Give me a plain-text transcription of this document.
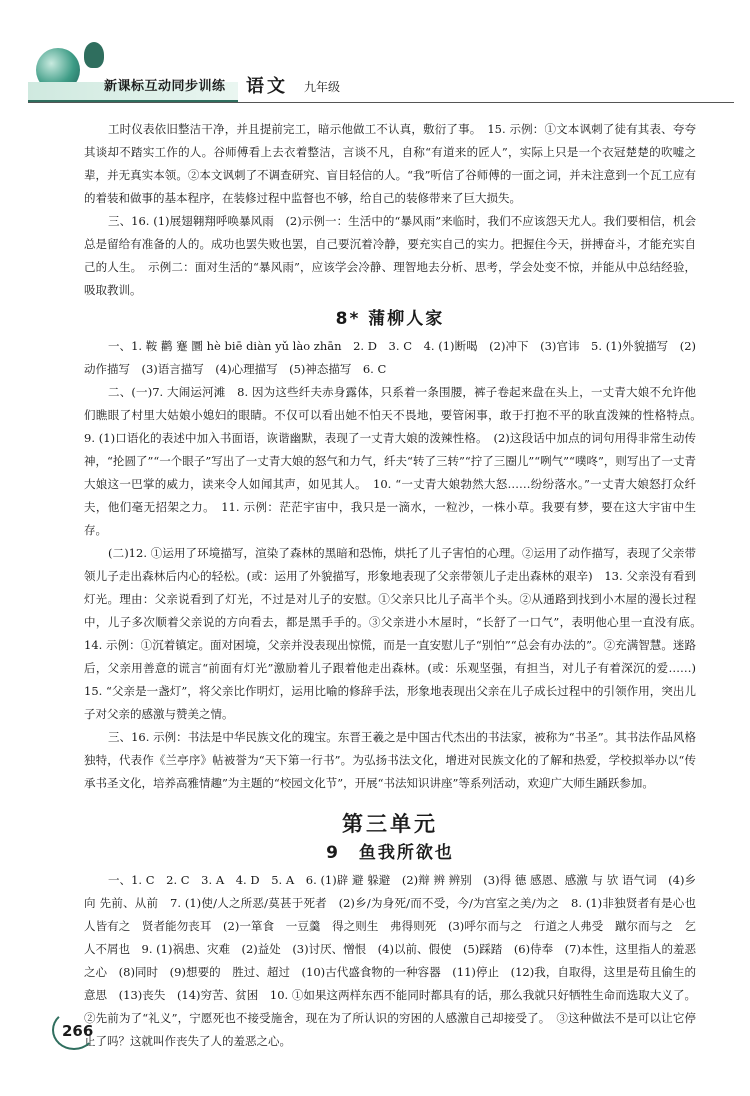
新课标互动同步训练 语文 九年级

工时仪表依旧整洁干净，并且提前完工，暗示他做工不认真，敷衍了事。　15. 示例：①文本讽刺了徒有其表、夸夸其谈却不踏实工作的人。谷师傅看上去衣着整洁，言谈不凡，自称“有道来的匠人”，实际上只是一个衣冠楚楚的吹嘘之辈，并无真实本领。②本文讽刺了不调查研究、盲目轻信的人。“我”听信了谷师傅的一面之词，并未注意到一个瓦工应有的着装和做事的基本程序，在装修过程中监督也不够，给自己的装修带来了巨大损失。

三、16. (1)展翅翱翔呼唤暴风雨　(2)示例一：生活中的“暴风雨”来临时，我们不应该怨天尤人。我们要相信，机会总是留给有准备的人的。成功也罢失败也罢，自己要沉着冷静，要充实自己的实力。把握住今天，拼搏奋斗，才能充实自己的人生。　示例二：面对生活的“暴风雨”，应该学会冷静、理智地去分析、思考，学会处变不惊，并能从中总结经验，吸取教训。

8* 蒲柳人家

一、1. 鞍 鹳 蹇 圜 hè biē diàn yǔ lào zhān　2. D　3. C　4. (1)断喝　(2)冲下　(3)官讳　5. (1)外貌描写　(2)动作描写　(3)语言描写　(4)心理描写　(5)神态描写　6. C

二、(一)7. 大闹运河滩　8. 因为这些纤夫赤身露体，只系着一条围腰，裤子卷起来盘在头上，一丈青大娘不允许他们瞧眼了村里大姑娘小媳妇的眼睛。不仅可以看出她不怕天不畏地，要管闲事，敢于打抱不平的耿直泼辣的性格特点。　9. (1)口语化的表述中加入书面语，诙谐幽默，表现了一丈青大娘的泼辣性格。　(2)这段话中加点的词句用得非常生动传神，“抡圆了”“一个眼子”写出了一丈青大娘的怒气和力气，纤夫“转了三转”“拧了三圈儿”“咧气”“噗咚”，则写出了一丈青大娘这一巴掌的威力，读来令人如闻其声，如见其人。　10. “一丈青大娘勃然大怒……纷纷落水。”一丈青大娘怒打众纤夫，他们毫无招架之力。　11. 示例：茫茫宇宙中，我只是一滴水，一粒沙，一株小草。我要有梦，要在这大宇宙中生存。

(二)12. ①运用了环境描写，渲染了森林的黑暗和恐怖，烘托了儿子害怕的心理。②运用了动作描写，表现了父亲带领儿子走出森林后内心的轻松。(或：运用了外貌描写，形象地表现了父亲带领儿子走出森林的艰辛)　13. 父亲没有看到灯光。理由：父亲说看到了灯光，不过是对儿子的安慰。①父亲只比儿子高半个头。②从通路到找到小木屋的漫长过程中，儿子多次顺着父亲说的方向看去，都是黑手手的。③父亲进小木屋时，“长舒了一口气”，表明他心里一直没有底。　14. 示例：①沉着镇定。面对困境，父亲并没表现出惊慌，而是一直安慰儿子“别怕”“总会有办法的”。②充满智慧。迷路后，父亲用善意的谎言“前面有灯光”激励着儿子跟着他走出森林。(或：乐观坚强，有担当，对儿子有着深沉的爱……)　15. “父亲是一盏灯”，将父亲比作明灯，运用比喻的修辞手法，形象地表现出父亲在儿子成长过程中的引领作用，突出儿子对父亲的感激与赞美之情。

三、16. 示例：书法是中华民族文化的瑰宝。东晋王羲之是中国古代杰出的书法家，被称为“书圣”。其书法作品风格独特，代表作《兰亭序》帖被誉为“天下第一行书”。为弘扬书法文化，增进对民族文化的了解和热爱，学校拟举办以“传承书圣文化，培养高雅情趣”为主题的“校园文化节”，开展“书法知识讲座”等系列活动，欢迎广大师生踊跃参加。

第三单元
9　鱼我所欲也

一、1. C　2. C　3. A　4. D　5. A　6. (1)辟 避 躲避　(2)辩 辨 辨别　(3)得 德 感恩、感激 与 欤 语气词　(4)乡 向 先前、从前　7. (1)使/人之所恶/莫甚于死者　(2)乡/为身死/而不受，今/为宫室之美/为之　8. (1)非独贤者有是心也　人皆有之　贤者能勿丧耳　(2)一箪食　一豆羹　得之则生　弗得则死　(3)呼尔而与之　行道之人弗受　蹴尔而与之　乞人不屑也　9. (1)祸患、灾难　(2)益处　(3)讨厌、憎恨　(4)以前、假使　(5)踩踏　(6)侍奉　(7)本性，这里指人的羞恶之心　(8)同时　(9)想要的　胜过、超过　(10)古代盛食物的一种容器　(11)停止　(12)我，自取得，这里是苟且偷生的意思　(13)丧失　(14)穷苦、贫困　10. ①如果这两样东西不能同时都具有的话，那么我就只好牺牲生命而选取大义了。②先前为了“礼义”，宁愿死也不接受施舍，现在为了所认识的穷困的人感激自己却接受了。　③这种做法不是可以让它停止了吗？这就叫作丧失了人的羞恶之心。

266
